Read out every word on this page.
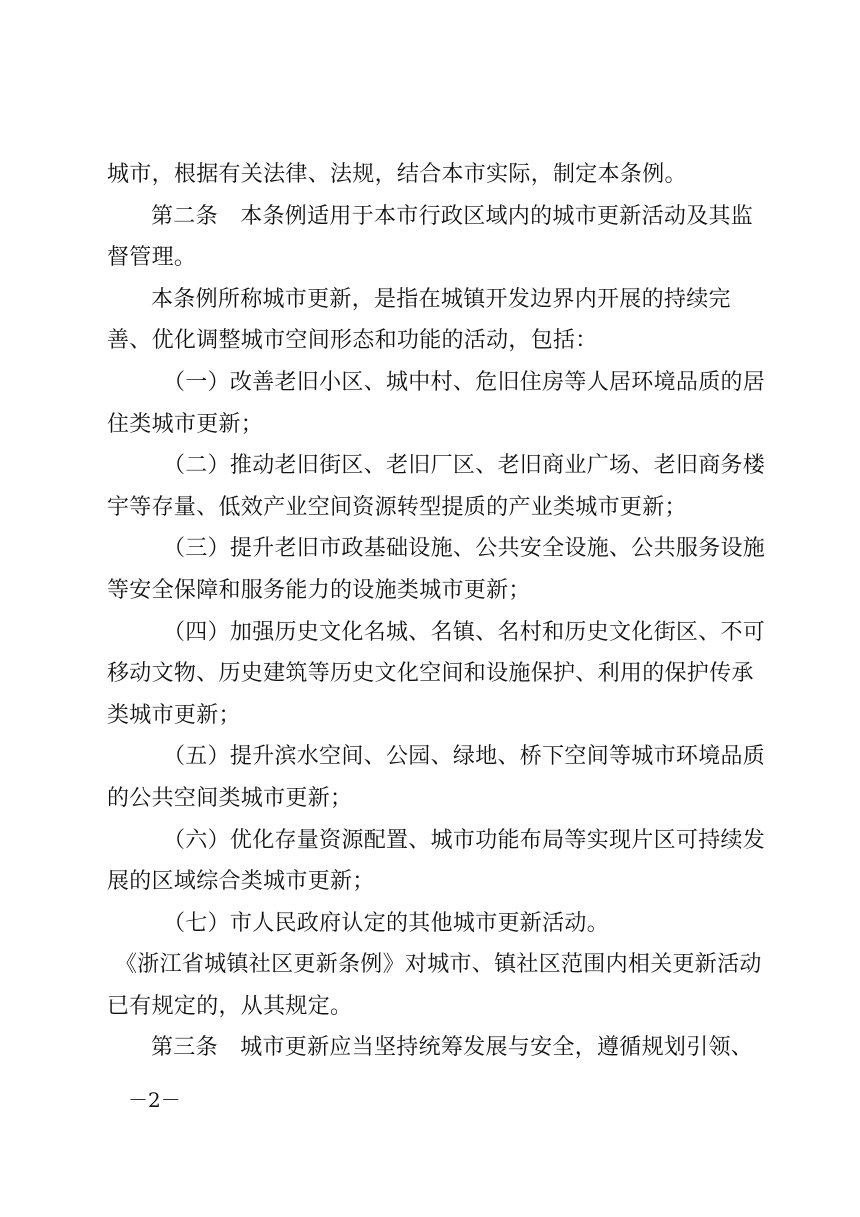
城市，根据有关法律、法规，结合本市实际，制定本条例。

第二条　本条例适用于本市行政区域内的城市更新活动及其监督管理。

本条例所称城市更新，是指在城镇开发边界内开展的持续完善、优化调整城市空间形态和功能的活动，包括：

（一）改善老旧小区、城中村、危旧住房等人居环境品质的居住类城市更新；

（二）推动老旧街区、老旧厂区、老旧商业广场、老旧商务楼宇等存量、低效产业空间资源转型提质的产业类城市更新；

（三）提升老旧市政基础设施、公共安全设施、公共服务设施等安全保障和服务能力的设施类城市更新；

（四）加强历史文化名城、名镇、名村和历史文化街区、不可移动文物、历史建筑等历史文化空间和设施保护、利用的保护传承类城市更新；

（五）提升滨水空间、公园、绿地、桥下空间等城市环境品质的公共空间类城市更新；

（六）优化存量资源配置、城市功能布局等实现片区可持续发展的区域综合类城市更新；

（七）市人民政府认定的其他城市更新活动。

《浙江省城镇社区更新条例》对城市、镇社区范围内相关更新活动已有规定的，从其规定。

第三条　城市更新应当坚持统筹发展与安全，遵循规划引领、

－2－
